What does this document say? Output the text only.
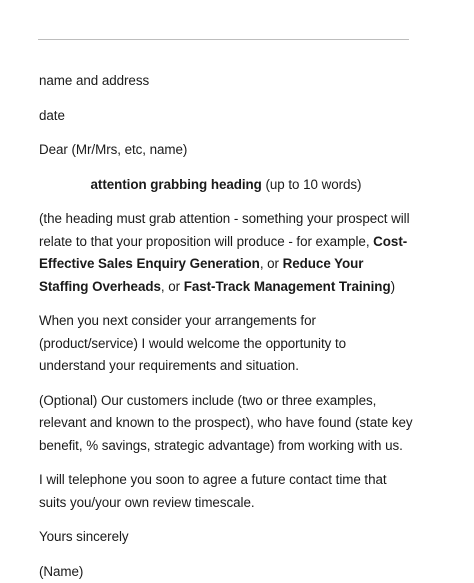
name and address

date

Dear (Mr/Mrs, etc, name)

attention grabbing heading (up to 10 words)

(the heading must grab attention - something your prospect will relate to that your proposition will produce - for example, Cost-Effective Sales Enquiry Generation, or Reduce Your Staffing Overheads, or Fast-Track Management Training)

When you next consider your arrangements for (product/service) I would welcome the opportunity to understand your requirements and situation.

(Optional) Our customers include (two or three examples, relevant and known to the prospect), who have found (state key benefit, % savings, strategic advantage) from working with us.

I will telephone you soon to agree a future contact time that suits you/your own review timescale.

Yours sincerely

(Name)
